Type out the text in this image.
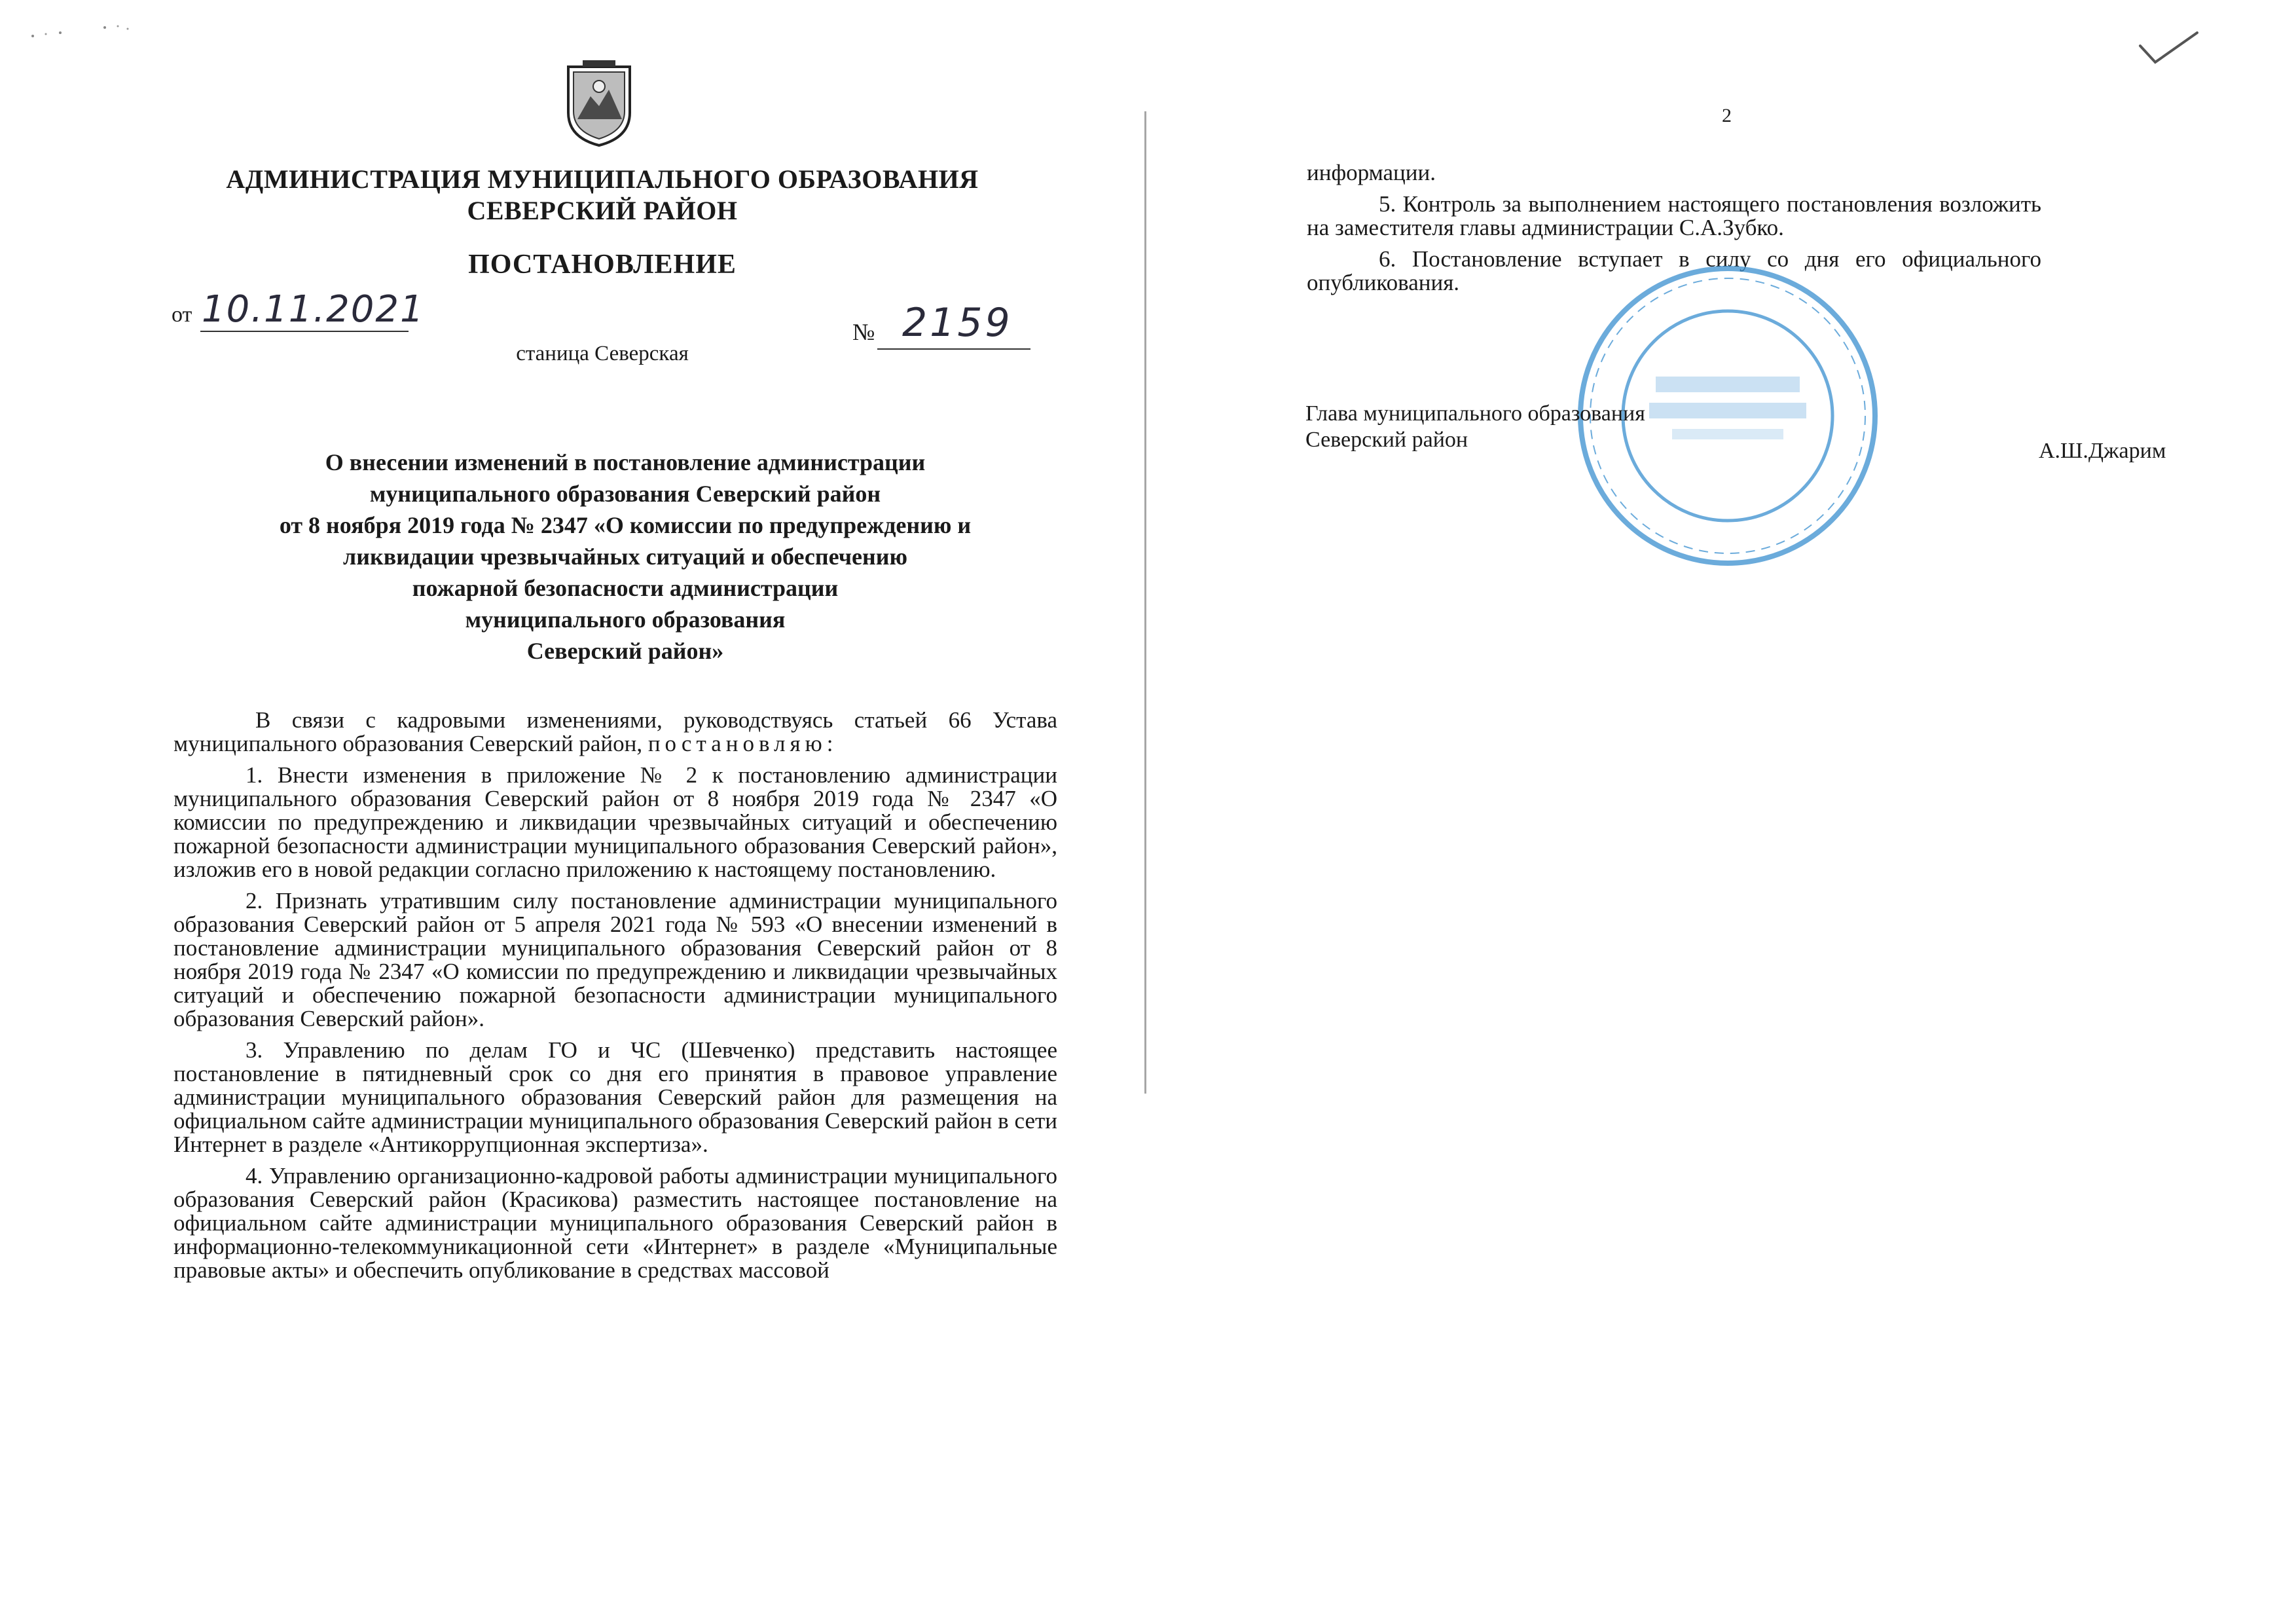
АДМИНИСТРАЦИЯ МУНИЦИПАЛЬНОГО ОБРАЗОВАНИЯ
СЕВЕРСКИЙ РАЙОН
ПОСТАНОВЛЕНИЕ
от 10.11.2021
№ 2159
станица Северская
О внесении изменений в постановление администрации
муниципального образования Северский район
от 8 ноября 2019 года № 2347 «О комиссии по предупреждению и
ликвидации чрезвычайных ситуаций и обеспечению
пожарной безопасности администрации
муниципального образования
Северский район»

В связи с кадровыми изменениями, руководствуясь статьей 66 Устава муниципального образования Северский район, постановляю:

1. Внести изменения в приложение № 2 к постановлению администрации муниципального образования Северский район от 8 ноября 2019 года № 2347 «О комиссии по предупреждению и ликвидации чрезвычайных ситуаций и обеспечению пожарной безопасности администрации муниципального образования Северский район», изложив его в новой редакции согласно приложению к настоящему постановлению.

2. Признать утратившим силу постановление администрации муниципального образования Северский район от 5 апреля 2021 года № 593 «О внесении изменений в постановление администрации муниципального образования Северский район от 8 ноября 2019 года № 2347 «О комиссии по предупреждению и ликвидации чрезвычайных ситуаций и обеспечению пожарной безопасности администрации муниципального образования Северский район».

3. Управлению по делам ГО и ЧС (Шевченко) представить настоящее постановление в пятидневный срок со дня его принятия в правовое управление администрации муниципального образования Северский район для размещения на официальном сайте администрации муниципального образования Северский район в сети Интернет в разделе «Антикоррупционная экспертиза».

4. Управлению организационно-кадровой работы администрации муниципального образования Северский район (Красикова) разместить настоящее постановление на официальном сайте администрации муниципального образования Северский район в информационно-телекоммуникационной сети «Интернет» в разделе «Муниципальные правовые акты» и обеспечить опубликование в средствах массовой

2

информации.

5. Контроль за выполнением настоящего постановления возложить на заместителя главы администрации С.А.Зубко.

6. Постановление вступает в силу со дня его официального опубликования.

Глава муниципального образования
Северский район	А.Ш.Джарим
